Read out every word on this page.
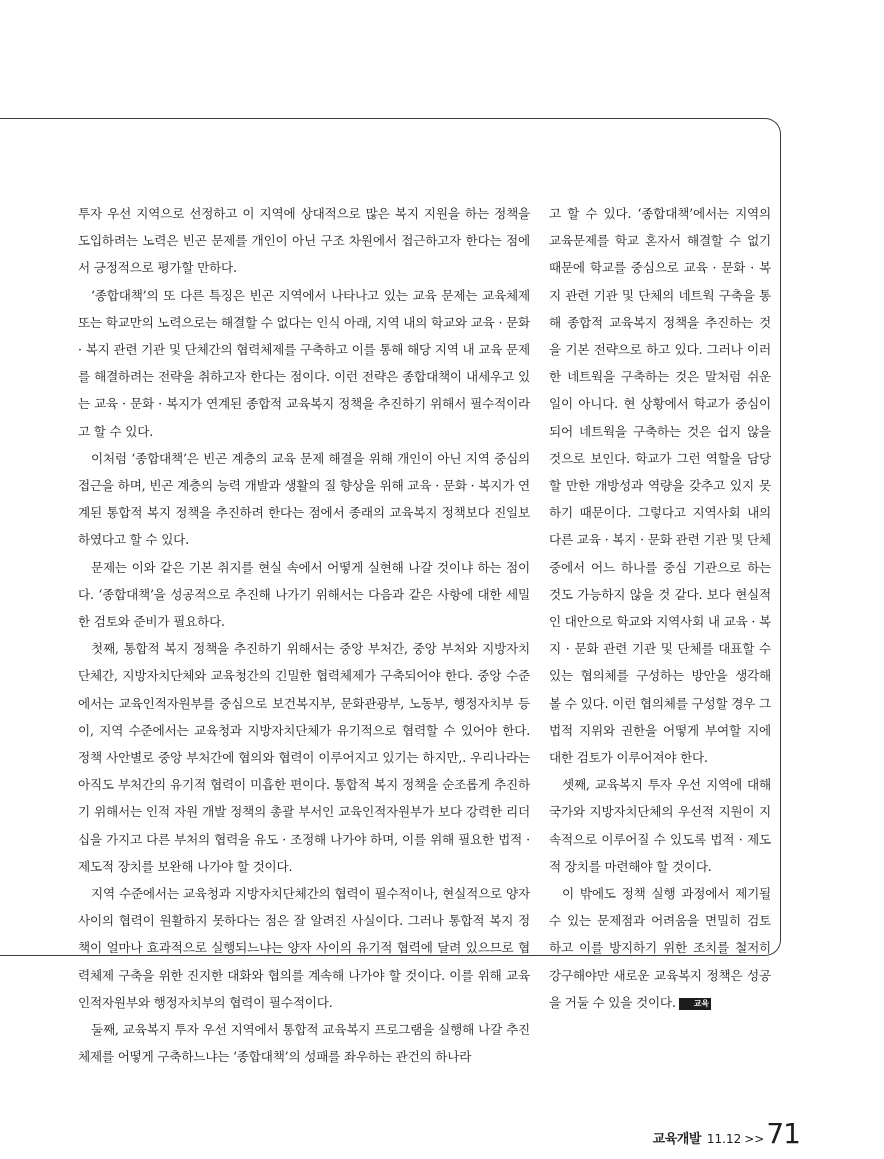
투자 우선 지역으로 선정하고 이 지역에 상대적으로 많은 복지 지원을 하는 정책을 도입하려는 노력은 빈곤 문제를 개인이 아닌 구조 차원에서 접근하고자 한다는 점에서 긍정적으로 평가할 만하다.

‘종합대책’의 또 다른 특징은 빈곤 지역에서 나타나고 있는 교육 문제는 교육체제 또는 학교만의 노력으로는 해결할 수 없다는 인식 아래, 지역 내의 학교와 교육 · 문화 · 복지 관련 기관 및 단체간의 협력체제를 구축하고 이를 통해 해당 지역 내 교육 문제를 해결하려는 전략을 취하고자 한다는 점이다. 이런 전략은 종합대책이 내세우고 있는 교육 · 문화 · 복지가 연계된 종합적 교육복지 정책을 추진하기 위해서 필수적이라고 할 수 있다.

이처럼 ‘종합대책’은 빈곤 계층의 교육 문제 해결을 위해 개인이 아닌 지역 중심의 접근을 하며, 빈곤 계층의 능력 개발과 생활의 질 향상을 위해 교육 · 문화 · 복지가 연계된 통합적 복지 정책을 추진하려 한다는 점에서 종래의 교육복지 정책보다 진일보하였다고 할 수 있다.

문제는 이와 같은 기본 취지를 현실 속에서 어떻게 실현해 나갈 것이냐 하는 점이다. ‘종합대책’을 성공적으로 추진해 나가기 위해서는 다음과 같은 사항에 대한 세밀한 검토와 준비가 필요하다.

첫째, 통합적 복지 정책을 추진하기 위해서는 중앙 부처간, 중앙 부처와 지방자치단체간, 지방자치단체와 교육청간의 긴밀한 협력체제가 구축되어야 한다. 중앙 수준에서는 교육인적자원부를 중심으로 보건복지부, 문화관광부, 노동부, 행정자치부 등이, 지역 수준에서는 교육청과 지방자치단체가 유기적으로 협력할 수 있어야 한다. 정책 사안별로 중앙 부처간에 협의와 협력이 이루어지고 있기는 하지만,. 우리나라는 아직도 부처간의 유기적 협력이 미흡한 편이다. 통합적 복지 정책을 순조롭게 추진하기 위해서는 인적 자원 개발 정책의 총괄 부서인 교육인적자원부가 보다 강력한 리더십을 가지고 다른 부처의 협력을 유도 · 조정해 나가야 하며, 이를 위해 필요한 법적 · 제도적 장치를 보완해 나가야 할 것이다.

지역 수준에서는 교육청과 지방자치단체간의 협력이 필수적이나, 현실적으로 양자 사이의 협력이 원활하지 못하다는 점은 잘 알려진 사실이다. 그러나 통합적 복지 정책이 얼마나 효과적으로 실행되느냐는 양자 사이의 유기적 협력에 달려 있으므로 협력체제 구축을 위한 진지한 대화와 협의를 계속해 나가야 할 것이다. 이를 위해 교육인적자원부와 행정자치부의 협력이 필수적이다.

둘째, 교육복지 투자 우선 지역에서 통합적 교육복지 프로그램을 실행해 나갈 추진체제를 어떻게 구축하느냐는 ‘종합대책’의 성패를 좌우하는 관건의 하나라

고 할 수 있다. ‘종합대책’에서는 지역의 교육문제를 학교 혼자서 해결할 수 없기 때문에 학교를 중심으로 교육 · 문화 · 복지 관련 기관 및 단체의 네트웍 구축을 통해 종합적 교육복지 정책을 추진하는 것을 기본 전략으로 하고 있다. 그러나 이러한 네트웍을 구축하는 것은 말처럼 쉬운 일이 아니다. 현 상황에서 학교가 중심이 되어 네트웍을 구축하는 것은 쉽지 않을 것으로 보인다. 학교가 그런 역할을 담당할 만한 개방성과 역량을 갖추고 있지 못하기 때문이다. 그렇다고 지역사회 내의 다른 교육 · 복지 · 문화 관련 기관 및 단체 중에서 어느 하나를 중심 기관으로 하는 것도 가능하지 않을 것 같다. 보다 현실적인 대안으로 학교와 지역사회 내 교육 · 복지 · 문화 관련 기관 및 단체를 대표할 수 있는 협의체를 구성하는 방안을 생각해 볼 수 있다. 이런 협의체를 구성할 경우 그 법적 지위와 권한을 어떻게 부여할 지에 대한 검토가 이루어져야 한다.

셋째, 교육복지 투자 우선 지역에 대해 국가와 지방자치단체의 우선적 지원이 지속적으로 이루어질 수 있도록 법적 · 제도적 장치를 마련해야 할 것이다.

이 밖에도 정책 실행 과정에서 제기될 수 있는 문제점과 어려움을 면밀히 검토하고 이를 방지하기 위한 조치를 철저히 강구해야만 새로운 교육복지 정책은 성공을 거둘 수 있을 것이다. 교육

교육개발 11.12 >> 71
